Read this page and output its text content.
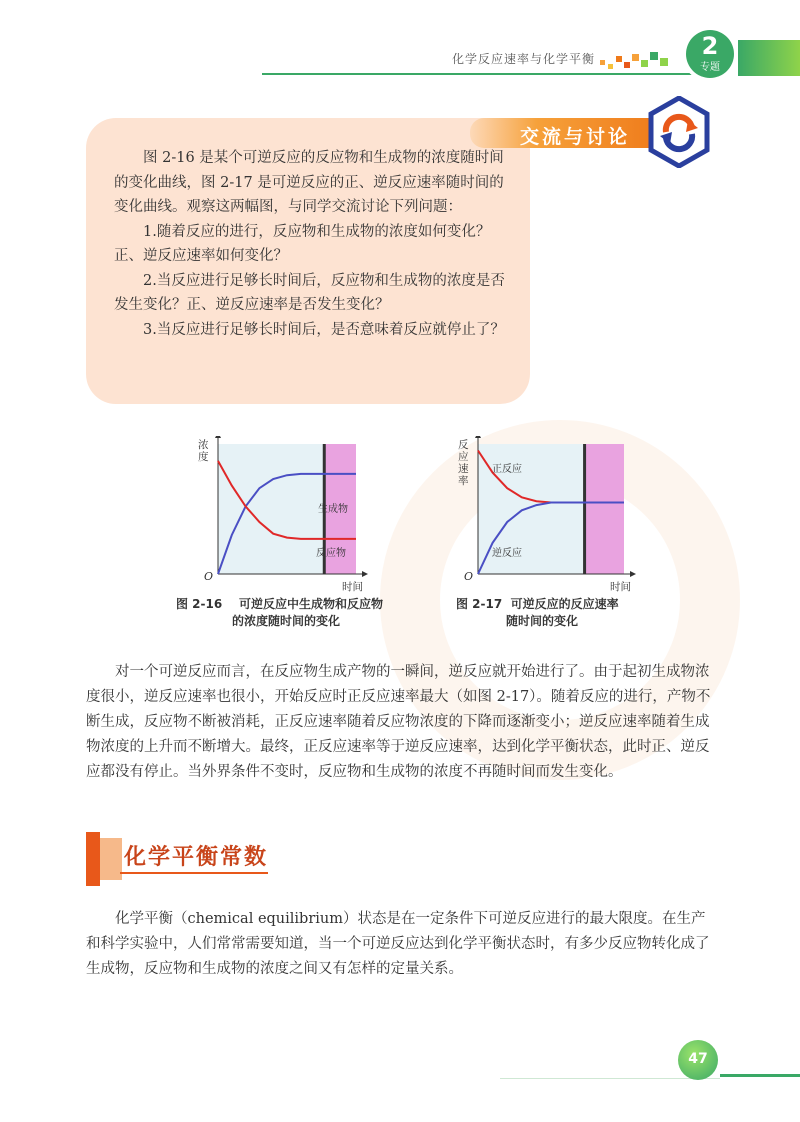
化学反应速率与化学平衡	2
专题
交流与讨论

图 2-16 是某个可逆反应的反应物和生成物的浓度随时间的变化曲线，图 2-17 是可逆反应的正、逆反应速率随时间的变化曲线。观察这两幅图，与同学交流讨论下列问题：

1.随着反应的进行，反应物和生成物的浓度如何变化？正、逆反应速率如何变化？

2.当反应进行足够长时间后，反应物和生成物的浓度是否发生变化？正、逆反应速率是否发生变化？

3.当反应进行足够长时间后，是否意味着反应就停止了？

生成物
反应物
浓
度
时间
O
图 2-16 可逆反应中生成物和反应物
的浓度随时间的变化
正反应
逆反应
反
应
速
率
时间
O
图 2-17 可逆反应的反应速率
随时间的变化

对一个可逆反应而言，在反应物生成产物的一瞬间，逆反应就开始进行了。由于起初生成物浓度很小，逆反应速率也很小，开始反应时正反应速率最大（如图 2-17）。随着反应的进行，产物不断生成，反应物不断被消耗，正反应速率随着反应物浓度的下降而逐渐变小；逆反应速率随着生成物浓度的上升而不断增大。最终，正反应速率等于逆反应速率，达到化学平衡状态，此时正、逆反应都没有停止。当外界条件不变时，反应物和生成物的浓度不再随时间而发生变化。

化学平衡常数

化学平衡（chemical equilibrium）状态是在一定条件下可逆反应进行的最大限度。在生产和科学实验中，人们常常需要知道，当一个可逆反应达到化学平衡状态时，有多少反应物转化成了生成物，反应物和生成物的浓度之间又有怎样的定量关系。

47
